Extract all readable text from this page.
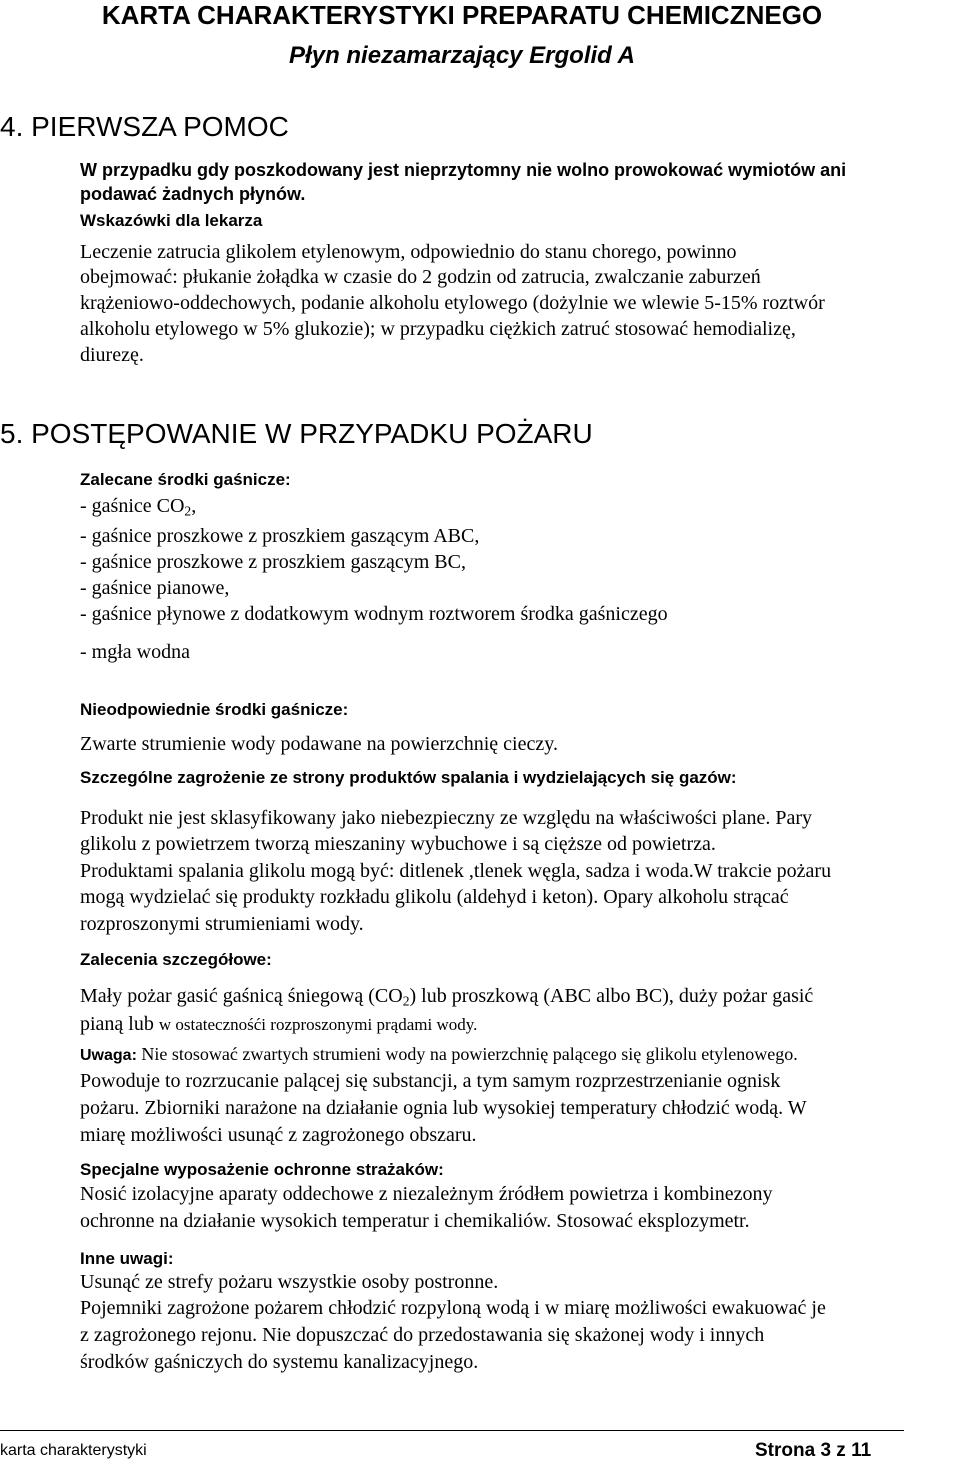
KARTA CHARAKTERYSTYKI PREPARATU CHEMICZNEGO
Płyn niezamarzający Ergolid A
4. PIERWSZA POMOC
W przypadku gdy poszkodowany jest nieprzytomny nie wolno prowokować wymiotów ani
podawać żadnych płynów.
Wskazówki dla lekarza
Leczenie zatrucia glikolem etylenowym, odpowiednio do stanu chorego, powinno
obejmować: płukanie żołądka w czasie do 2 godzin od zatrucia, zwalczanie zaburzeń
krążeniowo-oddechowych, podanie alkoholu etylowego (dożylnie we wlewie 5-15% roztwór
alkoholu etylowego w 5% glukozie); w przypadku ciężkich zatruć stosować hemodializę,
diurezę.
5. POSTĘPOWANIE W PRZYPADKU POŻARU
Zalecane środki gaśnicze:
- gaśnice $CO_2$,
- gaśnice proszkowe z proszkiem gaszącym ABC,
- gaśnice proszkowe z proszkiem gaszącym BC,
- gaśnice pianowe,
- gaśnice płynowe z dodatkowym wodnym roztworem środka gaśniczego
- mgła wodna
Nieodpowiednie środki gaśnicze:
Zwarte strumienie wody podawane na powierzchnię cieczy.
Szczególne zagrożenie ze strony produktów spalania i wydzielających się gazów:
Produkt nie jest sklasyfikowany jako niebezpieczny ze względu na właściwości plane. Pary
glikolu z powietrzem tworzą mieszaniny wybuchowe i są cięższe od powietrza.
Produktami spalania glikolu mogą być: ditlenek ,tlenek węgla, sadza i woda.W trakcie pożaru
mogą wydzielać się produkty rozkładu glikolu (aldehyd i keton). Opary alkoholu strącać
rozproszonymi strumieniami wody.
Zalecenia szczegółowe:
Mały pożar gasić gaśnicą śniegową $(CO_2)$ lub proszkową (ABC albo BC), duży pożar gasić
pianą lub w ostatecznośći rozproszonymi prądami wody.
Uwaga: Nie stosować zwartych strumieni wody na powierzchnię palącego się glikolu etylenowego.
Powoduje to rozrzucanie palącej się substancji, a tym samym rozprzestrzenianie ognisk
pożaru. Zbiorniki narażone na działanie ognia lub wysokiej temperatury chłodzić wodą. W
miarę możliwości usunąć z zagrożonego obszaru.
Specjalne wyposażenie ochronne strażaków:
Nosić izolacyjne aparaty oddechowe z niezależnym źródłem powietrza i kombinezony
ochronne na działanie wysokich temperatur i chemikaliów. Stosować eksplozymetr.
Inne uwagi:
Usunąć ze strefy pożaru wszystkie osoby postronne.
Pojemniki zagrożone pożarem chłodzić rozpyloną wodą i w miarę możliwości ewakuować je
z zagrożonego rejonu. Nie dopuszczać do przedostawania się skażonej wody i innych
środków gaśniczych do systemu kanalizacyjnego.
karta charakterystyki	Strona 3 z 11
